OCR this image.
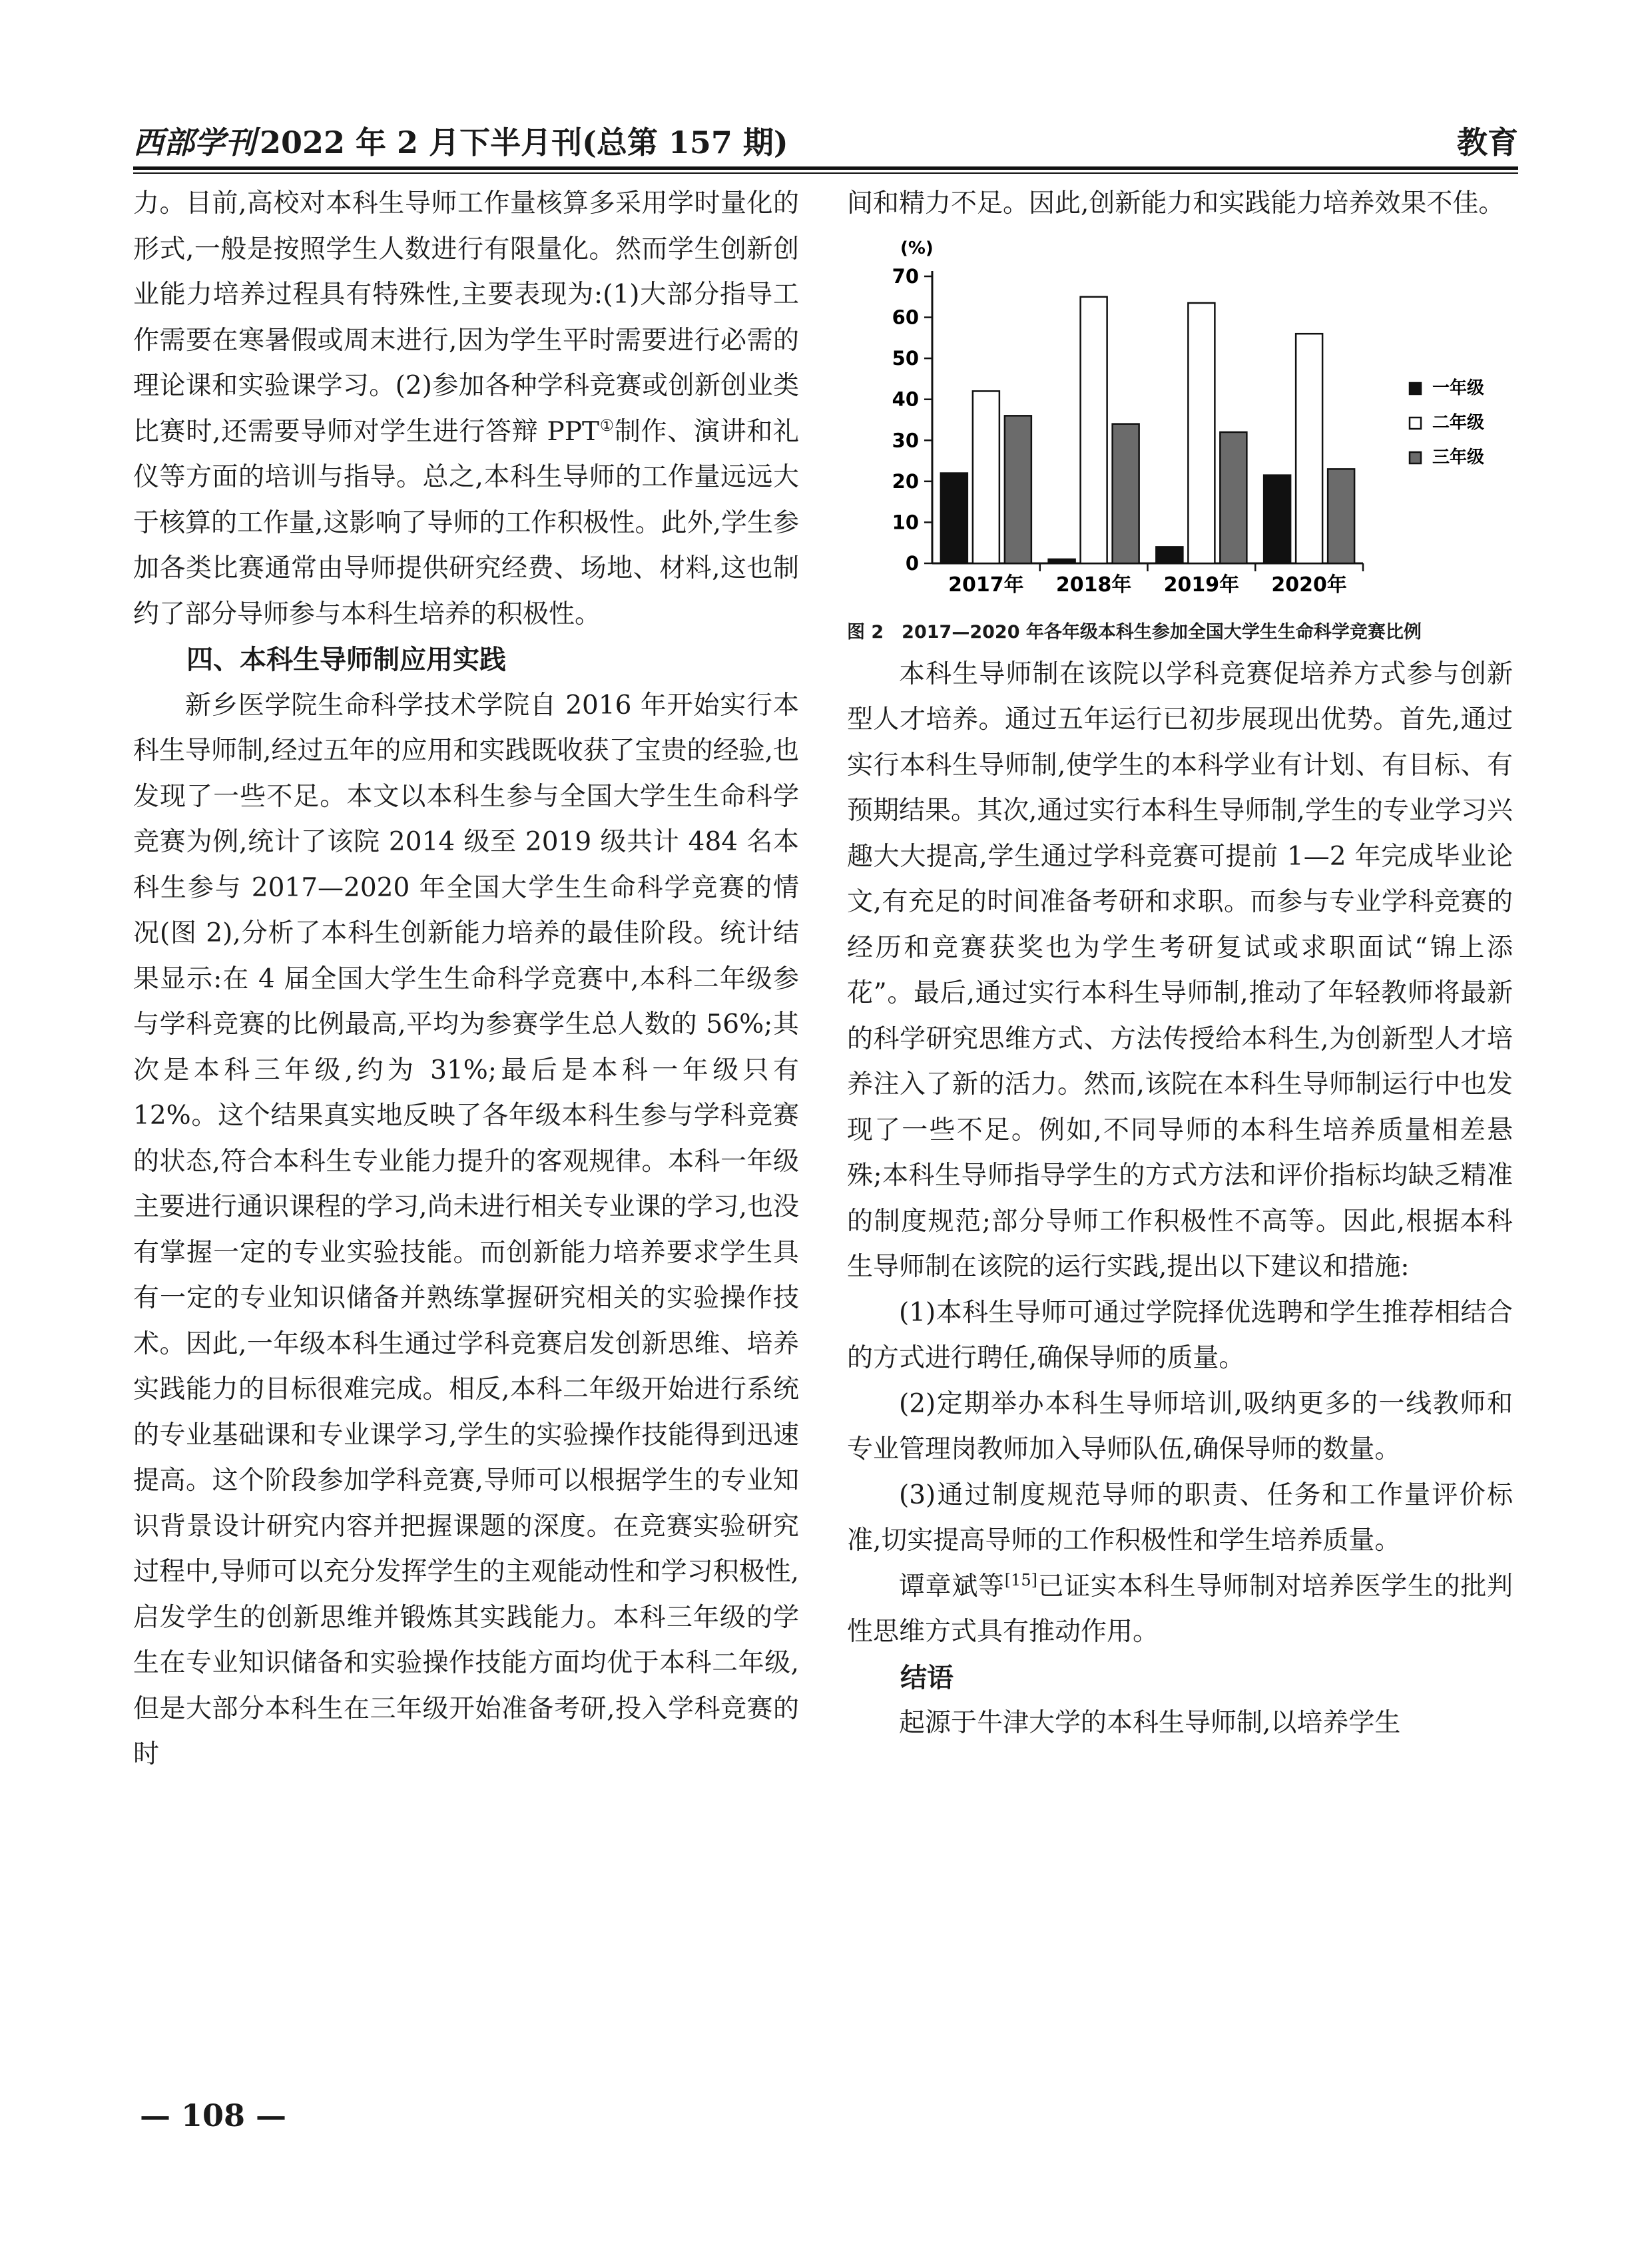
西部学刊 2022 年 2 月下半月刊(总第 157 期)	教育

力。目前,高校对本科生导师工作量核算多采用学时量化的形式,一般是按照学生人数进行有限量化。然而学生创新创业能力培养过程具有特殊性,主要表现为:(1)大部分指导工作需要在寒暑假或周末进行,因为学生平时需要进行必需的理论课和实验课学习。(2)参加各种学科竞赛或创新创业类比赛时,还需要导师对学生进行答辩 PPT①制作、演讲和礼仪等方面的培训与指导。总之,本科生导师的工作量远远大于核算的工作量,这影响了导师的工作积极性。此外,学生参加各类比赛通常由导师提供研究经费、场地、材料,这也制约了部分导师参与本科生培养的积极性。

四、本科生导师制应用实践

新乡医学院生命科学技术学院自 2016 年开始实行本科生导师制,经过五年的应用和实践既收获了宝贵的经验,也发现了一些不足。本文以本科生参与全国大学生生命科学竞赛为例,统计了该院 2014 级至 2019 级共计 484 名本科生参与 2017—2020 年全国大学生生命科学竞赛的情况(图 2),分析了本科生创新能力培养的最佳阶段。统计结果显示:在 4 届全国大学生生命科学竞赛中,本科二年级参与学科竞赛的比例最高,平均为参赛学生总人数的 56%;其次是本科三年级,约为 31%;最后是本科一年级只有 12%。这个结果真实地反映了各年级本科生参与学科竞赛的状态,符合本科生专业能力提升的客观规律。本科一年级主要进行通识课程的学习,尚未进行相关专业课的学习,也没有掌握一定的专业实验技能。而创新能力培养要求学生具有一定的专业知识储备并熟练掌握研究相关的实验操作技术。因此,一年级本科生通过学科竞赛启发创新思维、培养实践能力的目标很难完成。相反,本科二年级开始进行系统的专业基础课和专业课学习,学生的实验操作技能得到迅速提高。这个阶段参加学科竞赛,导师可以根据学生的专业知识背景设计研究内容并把握课题的深度。在竞赛实验研究过程中,导师可以充分发挥学生的主观能动性和学习积极性,启发学生的创新思维并锻炼其实践能力。本科三年级的学生在专业知识储备和实验操作技能方面均优于本科二年级,但是大部分本科生在三年级开始准备考研,投入学科竞赛的时

间和精力不足。因此,创新能力和实践能力培养效果不佳。

(%)
0
10
20
30
40
50
60
70
2017年 2018年 2019年 2020年
一年级
二年级
三年级
图 2　2017—2020 年各年级本科生参加全国大学生生命科学竞赛比例

本科生导师制在该院以学科竞赛促培养方式参与创新型人才培养。通过五年运行已初步展现出优势。首先,通过实行本科生导师制,使学生的本科学业有计划、有目标、有预期结果。其次,通过实行本科生导师制,学生的专业学习兴趣大大提高,学生通过学科竞赛可提前 1—2 年完成毕业论文,有充足的时间准备考研和求职。而参与专业学科竞赛的经历和竞赛获奖也为学生考研复试或求职面试“锦上添花”。最后,通过实行本科生导师制,推动了年轻教师将最新的科学研究思维方式、方法传授给本科生,为创新型人才培养注入了新的活力。然而,该院在本科生导师制运行中也发现了一些不足。例如,不同导师的本科生培养质量相差悬殊;本科生导师指导学生的方式方法和评价指标均缺乏精准的制度规范;部分导师工作积极性不高等。因此,根据本科生导师制在该院的运行实践,提出以下建议和措施:

(1)本科生导师可通过学院择优选聘和学生推荐相结合的方式进行聘任,确保导师的质量。

(2)定期举办本科生导师培训,吸纳更多的一线教师和专业管理岗教师加入导师队伍,确保导师的数量。

(3)通过制度规范导师的职责、任务和工作量评价标准,切实提高导师的工作积极性和学生培养质量。

谭章斌等[15]已证实本科生导师制对培养医学生的批判性思维方式具有推动作用。

结语

起源于牛津大学的本科生导师制,以培养学生

— 108 —
